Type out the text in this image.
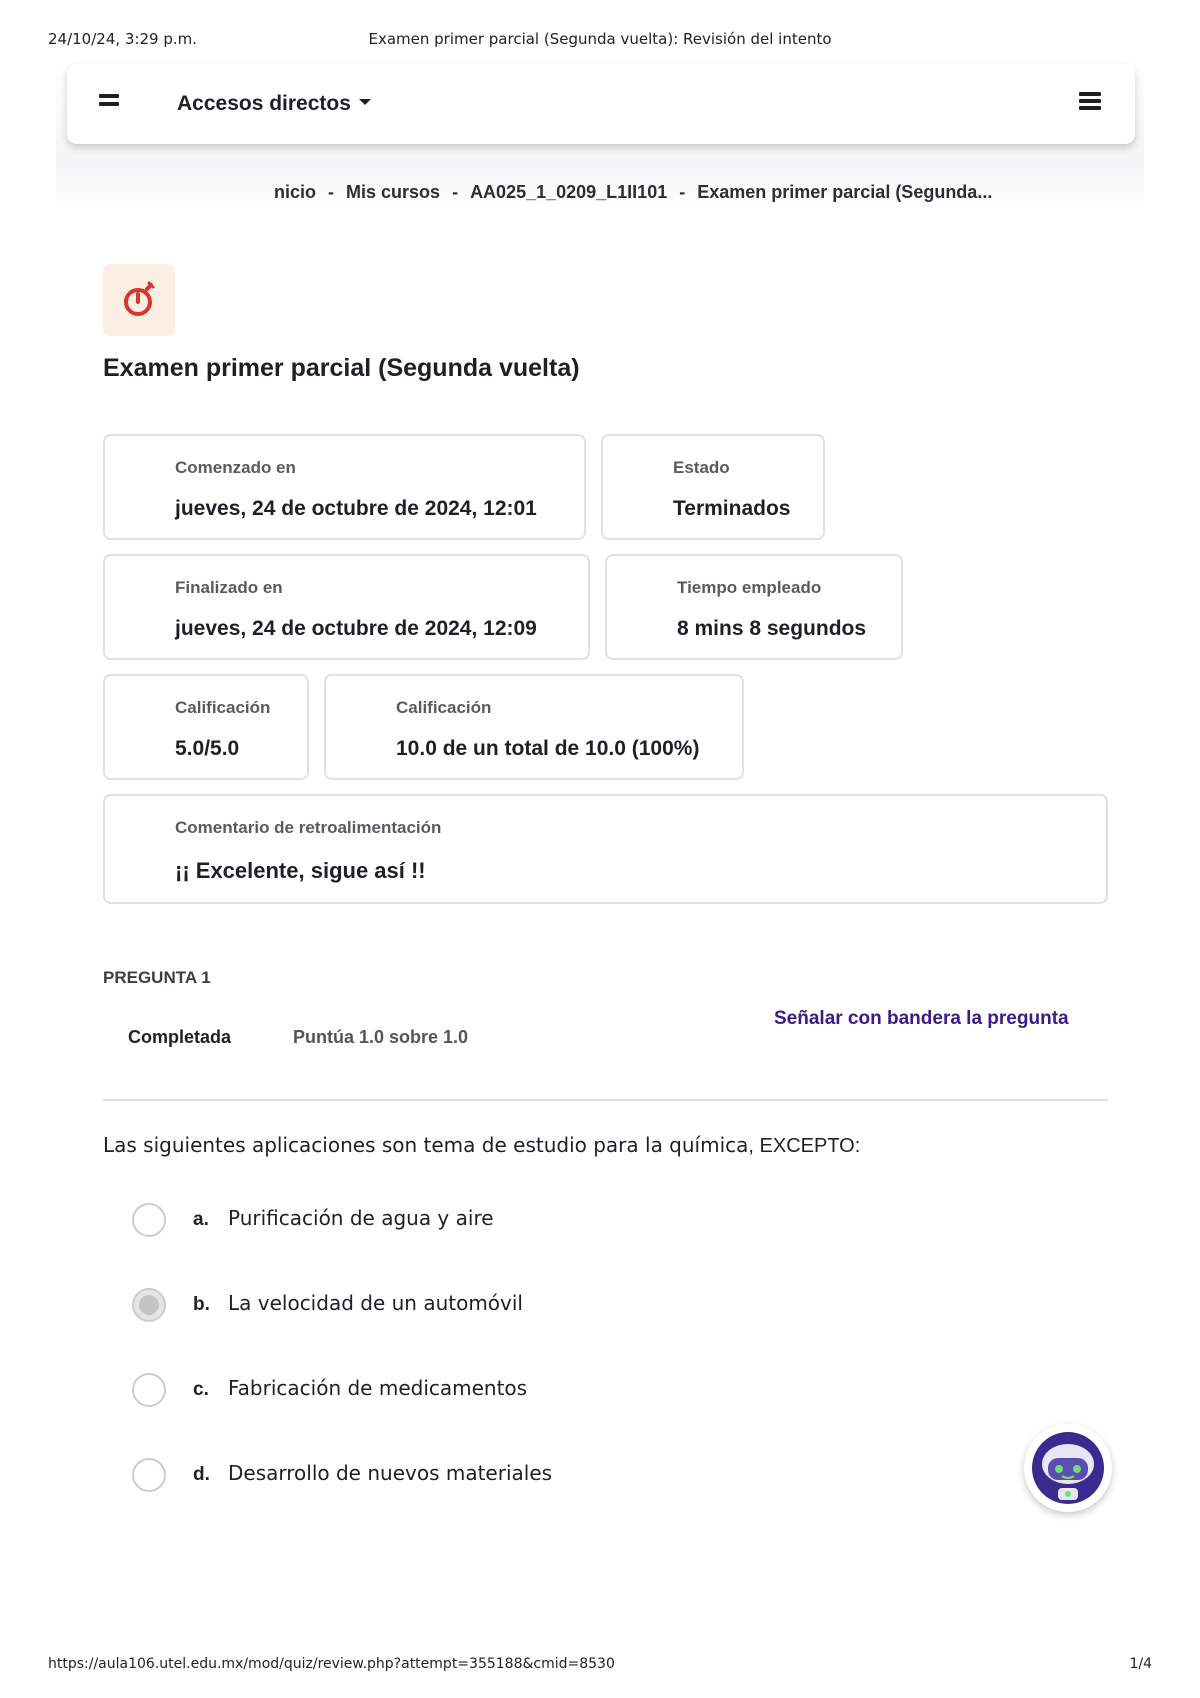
24/10/24, 3:29 p.m.	Examen primer parcial (Segunda vuelta): Revisión del intento
Accesos directos
nicio - Mis cursos - AA025_1_0209_L1II101 - Examen primer parcial (Segunda...
Examen primer parcial (Segunda vuelta)
Comenzado en
jueves, 24 de octubre de 2024, 12:01
Estado
Terminados
Finalizado en
jueves, 24 de octubre de 2024, 12:09
Tiempo empleado
8 mins 8 segundos
Calificación
5.0/5.0
Calificación
10.0 de un total de 10.0 (100%)
Comentario de retroalimentación
¡¡ Excelente, sigue así !!
PREGUNTA 1
Completada	Puntúa 1.0 sobre 1.0
Señalar con bandera la pregunta
Las siguientes aplicaciones son tema de estudio para la química, EXCEPTO:
a. Purificación de agua y aire
b. La velocidad de un automóvil
c. Fabricación de medicamentos
d. Desarrollo de nuevos materiales
https://aula106.utel.edu.mx/mod/quiz/review.php?attempt=355188&cmid=8530	1/4
